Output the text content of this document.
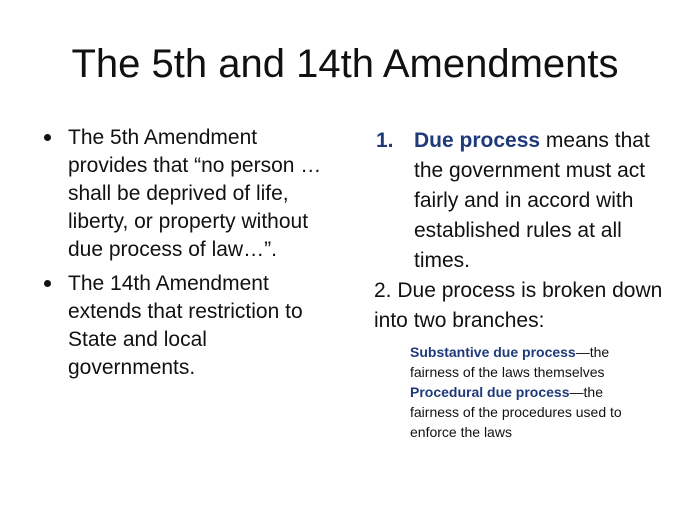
The 5th and 14th Amendments
The 5th Amendment provides that “no person … shall be deprived of life, liberty, or property without due process of law…”.
The 14th Amendment extends that restriction to State and local governments.
1. Due process means that the government must act fairly and in accord with established rules at all times.
2. Due process is broken down into two branches:
Substantive due process—the fairness of the laws themselves
Procedural due process—the fairness of the procedures used to enforce the laws
